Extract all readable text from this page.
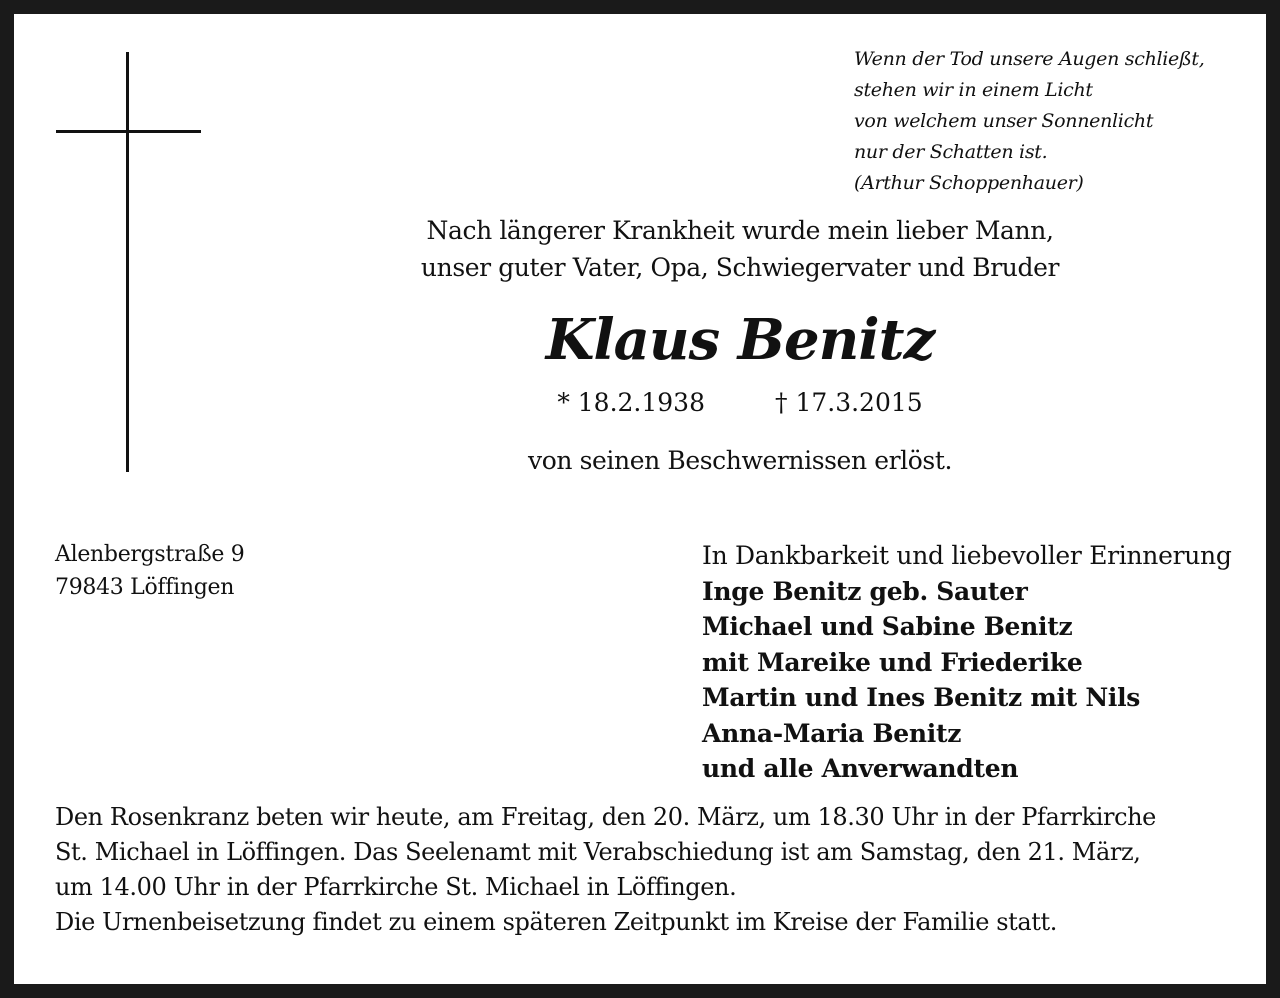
Wenn der Tod unsere Augen schließt,
stehen wir in einem Licht
von welchem unser Sonnenlicht
nur der Schatten ist.
(Arthur Schoppenhauer)
Nach längerer Krankheit wurde mein lieber Mann,
unser guter Vater, Opa, Schwiegervater und Bruder
Klaus Benitz
* 18.2.1938	† 17.3.2015
von seinen Beschwernissen erlöst.
Alenbergstraße 9
79843 Löffingen
In Dankbarkeit und liebevoller Erinnerung
Inge Benitz geb. Sauter
Michael und Sabine Benitz
mit Mareike und Friederike
Martin und Ines Benitz mit Nils
Anna-Maria Benitz
und alle Anverwandten
Den Rosenkranz beten wir heute, am Freitag, den 20. März, um 18.30 Uhr in der Pfarrkirche
St. Michael in Löffingen. Das Seelenamt mit Verabschiedung ist am Samstag, den 21. März,
um 14.00 Uhr in der Pfarrkirche St. Michael in Löffingen.
Die Urnenbeisetzung findet zu einem späteren Zeitpunkt im Kreise der Familie statt.
